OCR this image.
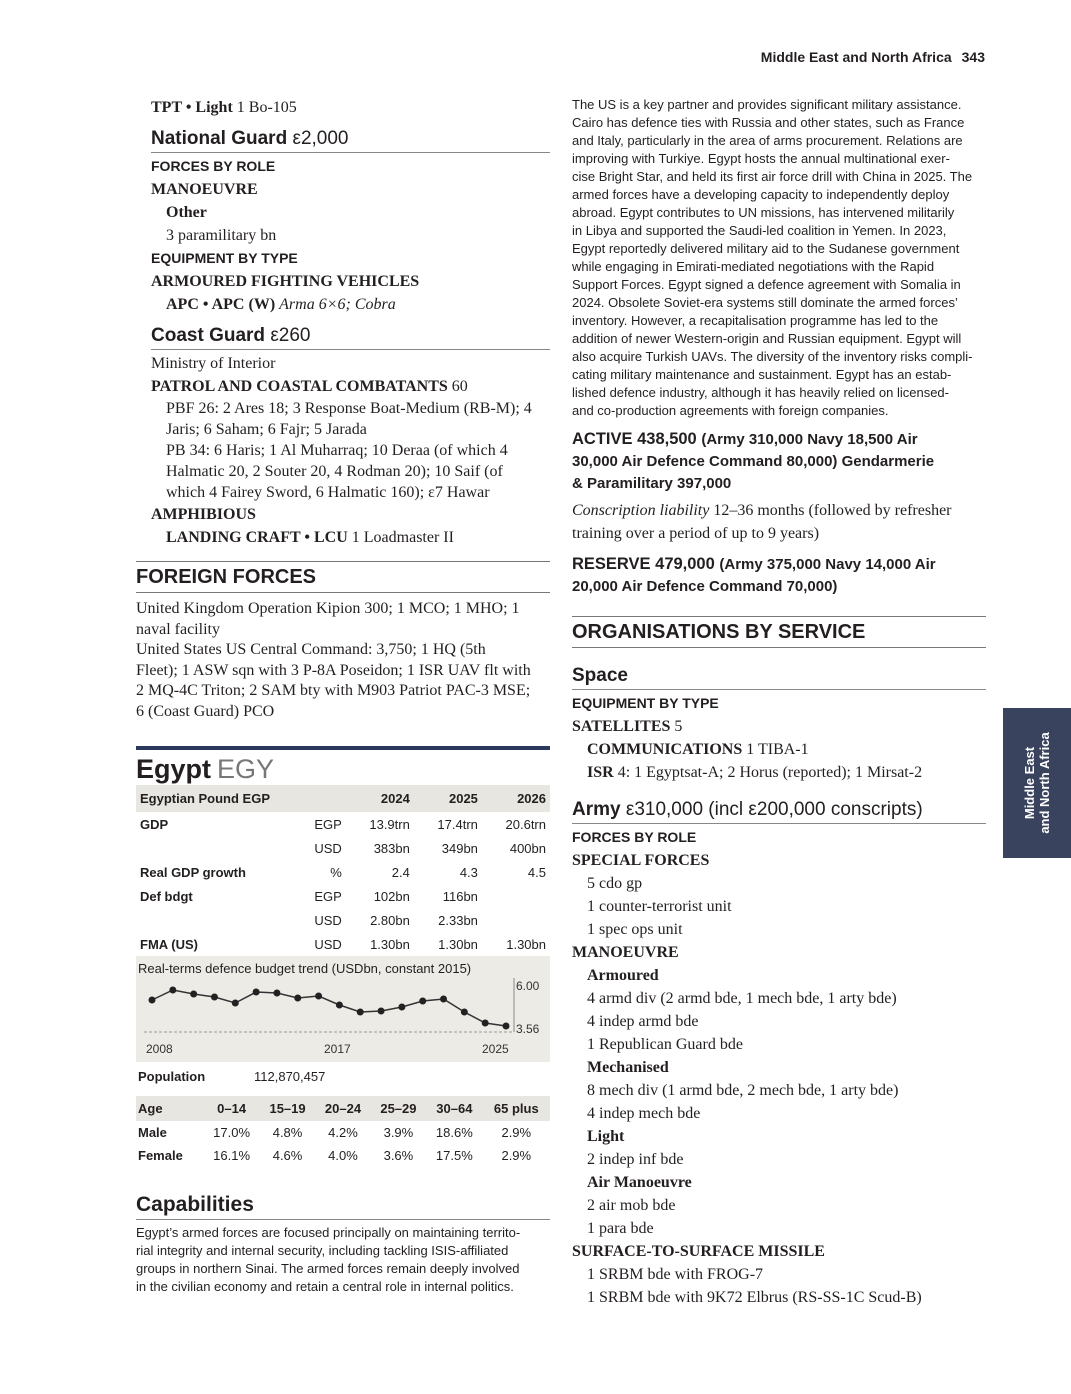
Middle East and North Africa 343
Middle East and North Africa
TPT • Light 1 Bo-105
National Guard ε2,000
FORCES BY ROLE
MANOEUVRE
Other
3 paramilitary bn
EQUIPMENT BY TYPE
ARMOURED FIGHTING VEHICLES
APC • APC (W) Arma 6×6; Cobra
Coast Guard ε260
Ministry of Interior
PATROL AND COASTAL COMBATANTS 60
PBF 26: 2 Ares 18; 3 Response Boat-Medium (RB-M); 4
Jaris; 6 Saham; 6 Fajr; 5 Jarada
PB 34: 6 Haris; 1 Al Muharraq; 10 Deraa (of which 4
Halmatic 20, 2 Souter 20, 4 Rodman 20); 10 Saif (of
which 4 Fairey Sword, 6 Halmatic 160); ε7 Hawar
AMPHIBIOUS
LANDING CRAFT • LCU 1 Loadmaster II
FOREIGN FORCES
United Kingdom Operation Kipion 300; 1 MCO; 1 MHO; 1
naval facility
United States US Central Command: 3,750; 1 HQ (5th
Fleet); 1 ASW sqn with 3 P-8A Poseidon; 1 ISR UAV flt with
2 MQ-4C Triton; 2 SAM bty with M903 Patriot PAC-3 MSE;
6 (Coast Guard) PCO
Egypt EGY
Egyptian Pound EGP		2024	2025	2026
GDP	EGP	13.9trn	17.4trn	20.6trn
	USD	383bn	349bn	400bn
Real GDP growth	%	2.4	4.3	4.5
Def bdgt	EGP	102bn	116bn	
	USD	2.80bn	2.33bn	
FMA (US)	USD	1.30bn	1.30bn	1.30bn
6.00
3.56
2008	2017	2025
Real-terms defence budget trend (USDbn, constant 2015)
Population	112,870,457
Age	0–14	15–19	20–24	25–29	30–64	65 plus
Male	17.0%	4.8%	4.2%	3.9%	18.6%	2.9%
Female	16.1%	4.6%	4.0%	3.6%	17.5%	2.9%
Capabilities
Egypt’s armed forces are focused principally on maintaining territo-
rial integrity and internal security, including tackling ISIS-affiliated
groups in northern Sinai. The armed forces remain deeply involved
in the civilian economy and retain a central role in internal politics.
The US is a key partner and provides significant military assistance.
Cairo has defence ties with Russia and other states, such as France
and Italy, particularly in the area of arms procurement. Relations are
improving with Turkiye. Egypt hosts the annual multinational exer-
cise Bright Star, and held its first air force drill with China in 2025. The
armed forces have a developing capacity to independently deploy
abroad. Egypt contributes to UN missions, has intervened militarily
in Libya and supported the Saudi-led coalition in Yemen. In 2023,
Egypt reportedly delivered military aid to the Sudanese government
while engaging in Emirati-mediated negotiations with the Rapid
Support Forces. Egypt signed a defence agreement with Somalia in
2024. Obsolete Soviet-era systems still dominate the armed forces’
inventory. However, a recapitalisation programme has led to the
addition of newer Western-origin and Russian equipment. Egypt will
also acquire Turkish UAVs. The diversity of the inventory risks compli-
cating military maintenance and sustainment. Egypt has an estab-
lished defence industry, although it has heavily relied on licensed-
and co-production agreements with foreign companies.
ACTIVE 438,500 (Army 310,000 Navy 18,500 Air
30,000 Air Defence Command 80,000) Gendarmerie
& Paramilitary 397,000
Conscription liability 12–36 months (followed by refresher
training over a period of up to 9 years)
RESERVE 479,000 (Army 375,000 Navy 14,000 Air
20,000 Air Defence Command 70,000)
ORGANISATIONS BY SERVICE
Space
EQUIPMENT BY TYPE
SATELLITES 5
COMMUNICATIONS 1 TIBA-1
ISR 4: 1 Egyptsat-A; 2 Horus (reported); 1 Mirsat-2
Army ε310,000 (incl ε200,000 conscripts)
FORCES BY ROLE
SPECIAL FORCES
5 cdo gp
1 counter-terrorist unit
1 spec ops unit
MANOEUVRE
Armoured
4 armd div (2 armd bde, 1 mech bde, 1 arty bde)
4 indep armd bde
1 Republican Guard bde
Mechanised
8 mech div (1 armd bde, 2 mech bde, 1 arty bde)
4 indep mech bde
Light
2 indep inf bde
Air Manoeuvre
2 air mob bde
1 para bde
SURFACE-TO-SURFACE MISSILE
1 SRBM bde with FROG-7
1 SRBM bde with 9K72 Elbrus (RS-SS-1C Scud-B)
